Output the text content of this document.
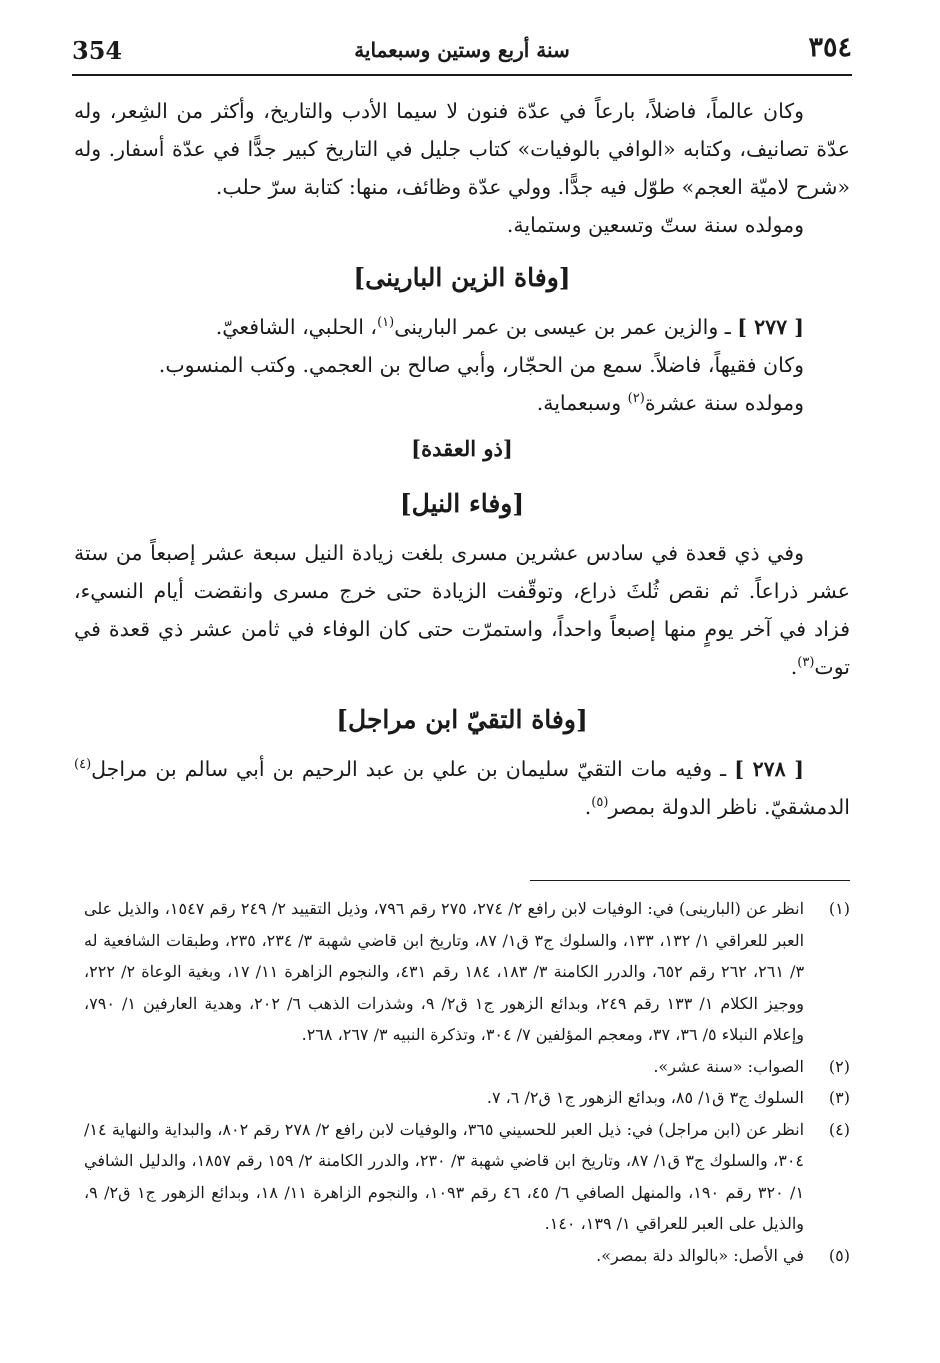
354	سنة أربع وستين وسبعماية	٣٥٤

وكان عالماً، فاضلاً، بارعاً في عدّة فنون لا سيما الأدب والتاريخ، وأكثر من الشِعر، وله عدّة تصانيف، وكتابه «الوافي بالوفيات» كتاب جليل في التاريخ كبير جدًّا في عدّة أسفار. وله «شرح لاميّة العجم» طوّل فيه جدًّا. وولي عدّة وظائف، منها: كتابة سرّ حلب.

ومولده سنة ستّ وتسعين وستماية.

[وفاة الزين البارينى]

[ ٢٧٧ ] ـ والزين عمر بن عيسى بن عمر البارينى$^{(١)}$، الحلبي، الشافعيّ.

وكان فقيهاً، فاضلاً. سمع من الحجّار، وأبي صالح بن العجمي. وكتب المنسوب.

ومولده سنة عشرة$^{(٢)}$ وسبعماية.

[ذو العقدة]
[وفاء النيل]

وفي ذي قعدة في سادس عشرين مسرى بلغت زيادة النيل سبعة عشر إصبعاً من ستة عشر ذراعاً. ثم نقص ثُلثَ ذراع، وتوقّفت الزيادة حتى خرج مسرى وانقضت أيام النسيء، فزاد في آخر يومٍ منها إصبعاً واحداً، واستمرّت حتى كان الوفاء في ثامن عشر ذي قعدة في توت$^{(٣)}$.

[وفاة التقيّ ابن مراجل]

[ ٢٧٨ ] ـ وفيه مات التقيّ سليمان بن علي بن عبد الرحيم بن أبي سالم بن مراجل$^{(٤)}$ الدمشقيّ. ناظر الدولة بمصر$^{(٥)}$.

(١)
انظر عن (البارينى) في: الوفيات لابن رافع ٢/ ٢٧٤، ٢٧٥ رقم ٧٩٦، وذيل التقييد ٢/ ٢٤٩ رقم ١٥٤٧، والذيل على العبر للعراقي ١/ ١٣٢، ١٣٣، والسلوك ج٣ ق١/ ٨٧، وتاريخ ابن قاضي شهبة ٣/ ٢٣٤، ٢٣٥، وطبقات الشافعية له ٣/ ٢٦١، ٢٦٢ رقم ٦٥٢، والدرر الكامنة ٣/ ١٨٣، ١٨٤ رقم ٤٣١، والنجوم الزاهرة ١١/ ١٧، وبغية الوعاة ٢/ ٢٢٢، ووجيز الكلام ١/ ١٣٣ رقم ٢٤٩، وبدائع الزهور ج١ ق٢/ ٩، وشذرات الذهب ٦/ ٢٠٢، وهدية العارفين ١/ ٧٩٠، وإعلام النبلاء ٥/ ٣٦، ٣٧، ومعجم المؤلفين ٧/ ٣٠٤، وتذكرة النبيه ٣/ ٢٦٧، ٢٦٨.
(٢)
الصواب: «سنة عشر».
(٣)
السلوك ج٣ ق١/ ٨٥، وبدائع الزهور ج١ ق٢/ ٦، ٧.
(٤)
انظر عن (ابن مراجل) في: ذيل العبر للحسيني ٣٦٥، والوفيات لابن رافع ٢/ ٢٧٨ رقم ٨٠٢، والبداية والنهاية ١٤/ ٣٠٤، والسلوك ج٣ ق١/ ٨٧، وتاريخ ابن قاضي شهبة ٣/ ٢٣٠، والدرر الكامنة ٢/ ١٥٩ رقم ١٨٥٧، والدليل الشافي ١/ ٣٢٠ رقم ١٩٠، والمنهل الصافي ٦/ ٤٥، ٤٦ رقم ١٠٩٣، والنجوم الزاهرة ١١/ ١٨، وبدائع الزهور ج١ ق٢/ ٩، والذيل على العبر للعراقي ١/ ١٣٩، ١٤٠.
(٥)
في الأصل: «بالوالد دلة بمصر».
